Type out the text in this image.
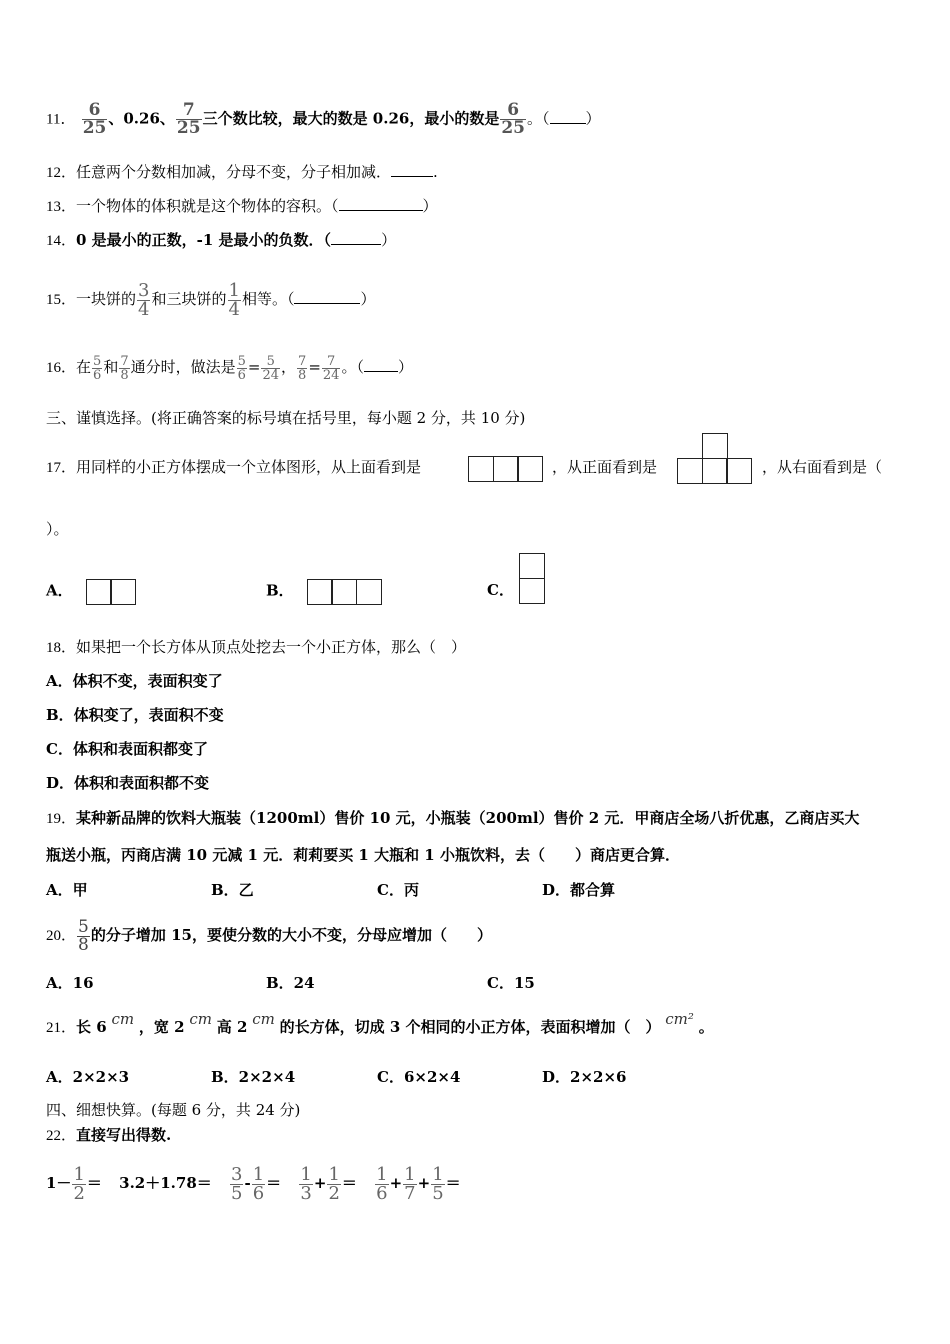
11． $\frac{6}{25}$ 、0.26、 $\frac{7}{25}$ 三个数比较，最大的数是 0.26，最小的数是 $\frac{6}{25}$ 。（ ）
12．任意两个分数相加减，分母不变，分子相加减．	.
13．一个物体的体积就是这个物体的容积。（	）
14．0 是最小的正数，-1 是最小的负数．（	）
15．一块饼的 $\frac{3}{4}$ 和三块饼的 $\frac{1}{4}$ 相等。（	）
16．在 $\frac{5}{6}$ 和 $\frac{7}{8}$ 通分时，做法是 $\frac{5}{6} = \frac{5}{24}$ ， $\frac{7}{8} = \frac{7}{24}$ 。（ ）
三、谨慎选择。(将正确答案的标号填在括号里，每小题 2 分，共 10 分)
17．用同样的小正方体摆成一个立体图形，从上面看到是	，从正面看到是	，从右面看到是（
）。
A．	B．	C．
18．如果把一个长方体从顶点处挖去一个小正方体，那么（　）
A．体积不变，表面积变了
B．体积变了，表面积不变
C．体积和表面积都变了
D．体积和表面积都不变
19．某种新品牌的饮料大瓶装（1200ml）售价 10 元，小瓶装（200ml）售价 2 元．甲商店全场八折优惠，乙商店买大
瓶送小瓶，丙商店满 10 元减 1 元．莉莉要买 1 大瓶和 1 小瓶饮料，去（　　）商店更合算．
A．甲	B．乙	C．丙	D．都合算
20． $\frac{5}{8}$ 的分子增加 15，要使分数的大小不变，分母应增加（　　）
A．16	B．24	C．15
21．长 6 cm ，宽 2 cm 高 2 cm 的长方体，切成 3 个相同的小正方体，表面积增加（　） cm² 。
A．2×2×3	B．2×2×4	C．6×2×4	D．2×2×6
四、细想快算。(每题 6 分，共 24 分)
22．直接写出得数.
$1- \frac{1}{2} = 3.2+1.78= \frac{3}{5} - \frac{1}{6} = \frac{1}{3} + \frac{1}{2} = \frac{1}{6} + \frac{1}{7} + \frac{1}{5}$ ＝
